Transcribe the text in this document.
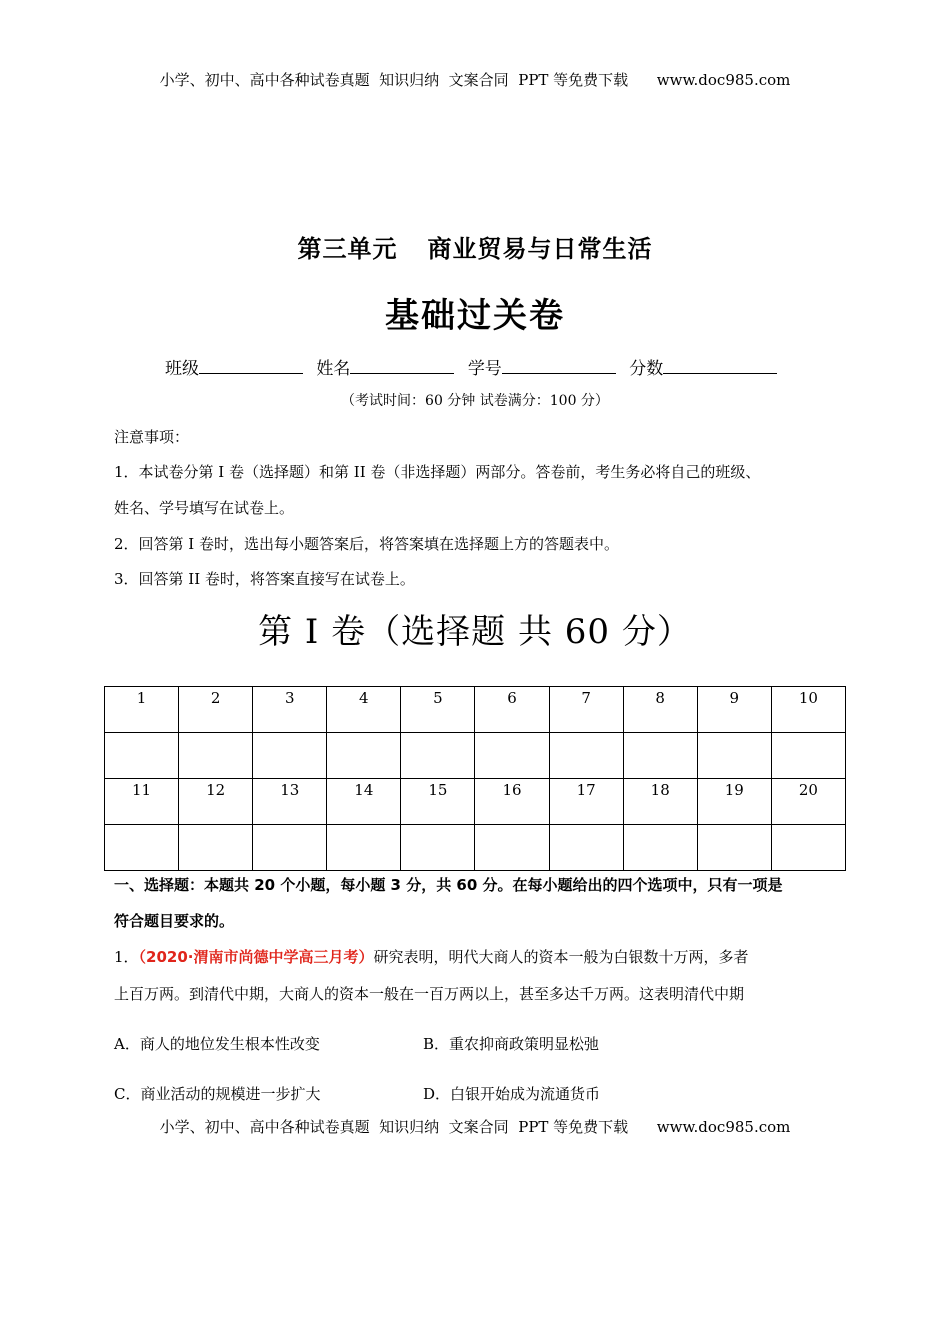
小学、初中、高中各种试卷真题  知识归纳  文案合同  PPT 等免费下载      www.doc985.com
第三单元 商业贸易与日常生活
基础过关卷
班级	姓名	学号	分数
（考试时间：60 分钟 试卷满分：100 分）
注意事项：
1．本试卷分第 I 卷（选择题）和第 II 卷（非选择题）两部分。答卷前，考生务必将自己的班级、
姓名、学号填写在试卷上。
2．回答第 I 卷时，选出每小题答案后，将答案填在选择题上方的答题表中。
3．回答第 II 卷时，将答案直接写在试卷上。
第 I 卷（选择题 共 60 分）
1	2	3	4	5	6	7	8	9	10

11	12	13	14	15	16	17	18	19	20

一、选择题：本题共 20 个小题，每小题 3 分，共 60 分。在每小题给出的四个选项中，只有一项是
符合题目要求的。
1．（2020·渭南市尚德中学高三月考）研究表明，明代大商人的资本一般为白银数十万两，多者
上百万两。到清代中期，大商人的资本一般在一百万两以上，甚至多达千万两。这表明清代中期
A．商人的地位发生根本性改变	B．重农抑商政策明显松弛
C．商业活动的规模进一步扩大	D．白银开始成为流通货币
小学、初中、高中各种试卷真题  知识归纳  文案合同  PPT 等免费下载      www.doc985.com
